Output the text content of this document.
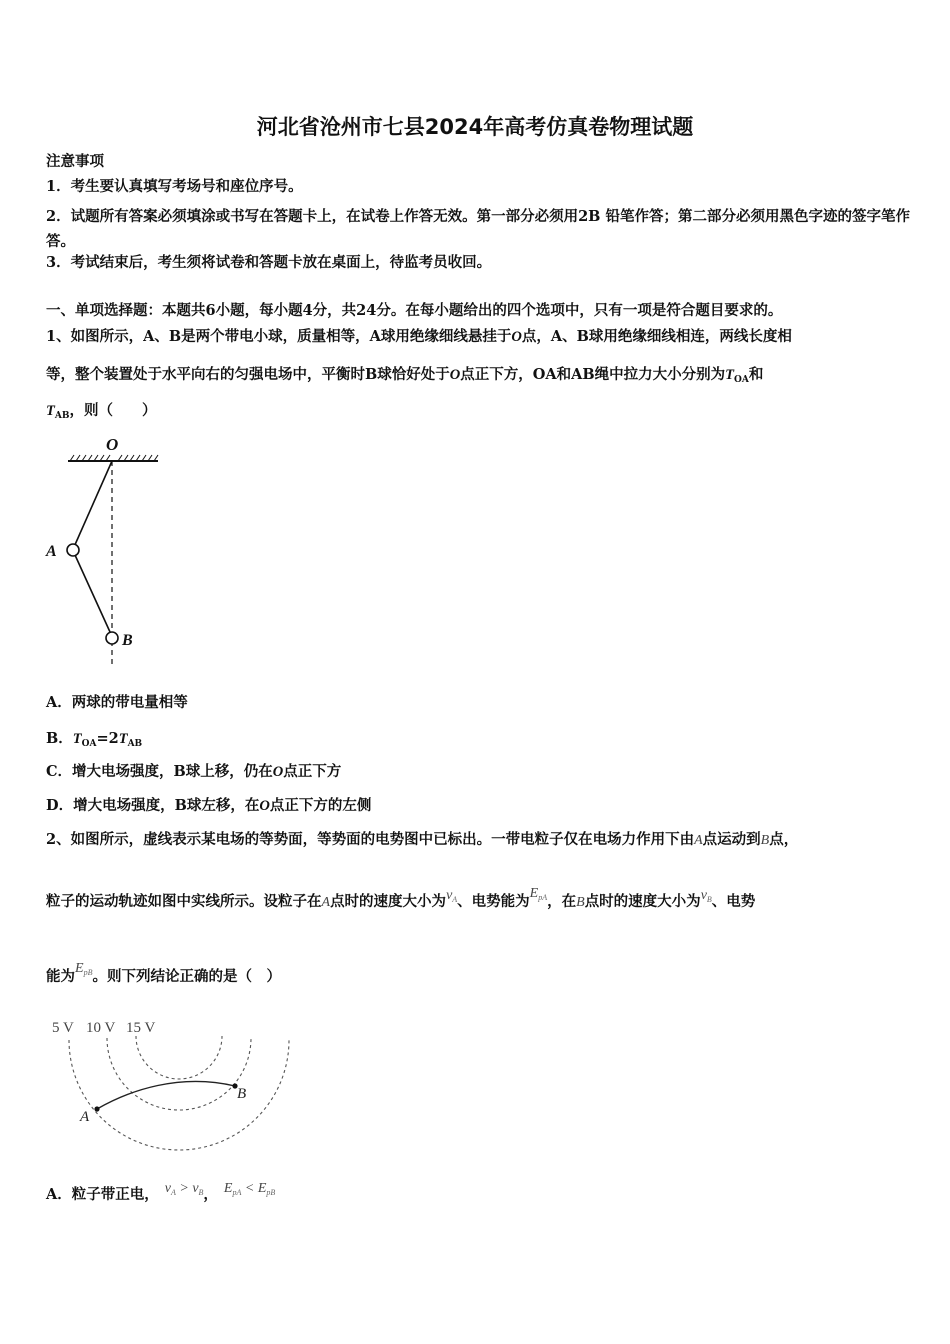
河北省沧州市七县2024年高考仿真卷物理试题
注意事项
1．考生要认真填写考场号和座位序号。
2．试题所有答案必须填涂或书写在答题卡上，在试卷上作答无效。第一部分必须用2B 铅笔作答；第二部分必须用黑色字迹的签字笔作答。
3．考试结束后，考生须将试卷和答题卡放在桌面上，待监考员收回。
一、单项选择题：本题共6小题，每小题4分，共24分。在每小题给出的四个选项中，只有一项是符合题目要求的。
1、如图所示，A、B是两个带电小球，质量相等，A球用绝缘细线悬挂于O点，A、B球用绝缘细线相连，两线长度相
等，整个装置处于水平向右的匀强电场中，平衡时B球恰好处于O点正下方，OA和AB绳中拉力大小分别为$T_{OA}$和
$T_{AB}$，则（　　）
O
A
B
A．两球的带电量相等
B．$T_{OA}=2T_{AB}$
C．增大电场强度，B球上移，仍在O点正下方
D．增大电场强度，B球左移，在O点正下方的左侧
2、如图所示，虚线表示某电场的等势面，等势面的电势图中已标出。一带电粒子仅在电场力作用下由A点运动到B点，
粒子的运动轨迹如图中实线所示。设粒子在A点时的速度大小为$v_A$、电势能为$E_{pA}$，在B点时的速度大小为$v_B$、电势
能为$E_{pB}$。则下列结论正确的是（　）
5 V 10 V 15 V
A
B
A．粒子带正电， $v_A > v_B$， $E_{pA} < E_{pB}$
